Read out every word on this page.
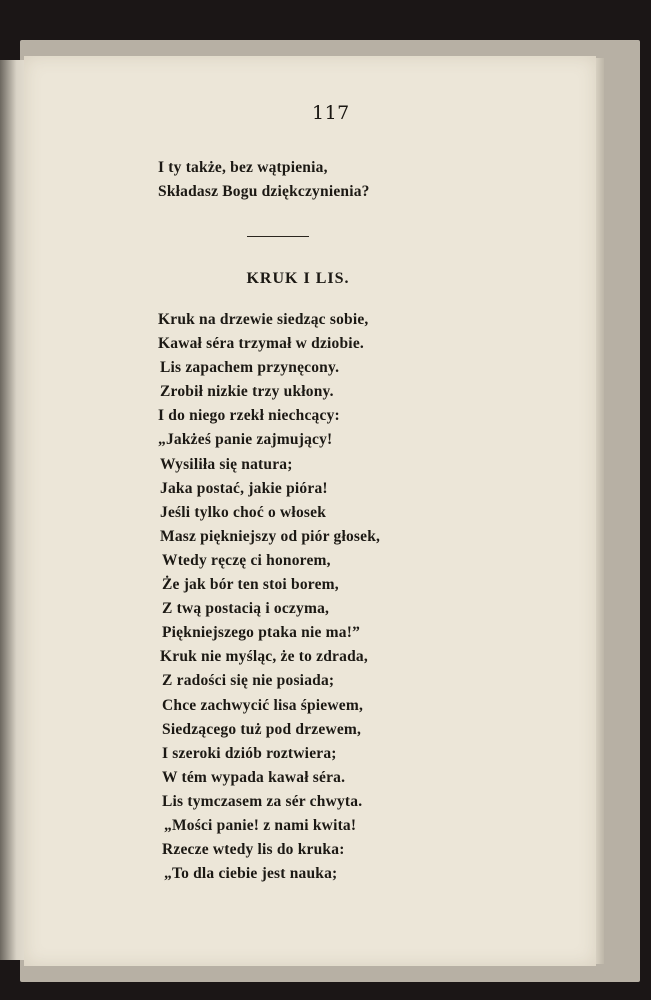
117
I ty także, bez wątpienia,
Składasz Bogu dziękczynienia?
KRUK I LIS.
Kruk na drzewie siedząc sobie,
Kawał séra trzymał w dziobie.
Lis zapachem przynęcony.
Zrobił nizkie trzy ukłony.
I do niego rzekł niechcący:
„Jakżeś panie zajmujący!
Wysiliła się natura;
Jaka postać, jakie pióra!
Jeśli tylko choć o włosek
Masz piękniejszy od piór głosek,
Wtedy ręczę ci honorem,
Że jak bór ten stoi borem,
Z twą postacią i oczyma,
Piękniejszego ptaka nie ma!”
Kruk nie myśląc, że to zdrada,
Z radości się nie posiada;
Chce zachwycić lisa śpiewem,
Siedzącego tuż pod drzewem,
I szeroki dziób roztwiera;
W tém wypada kawał séra.
Lis tymczasem za sér chwyta.
„Mości panie! z nami kwita!
Rzecze wtedy lis do kruka:
„To dla ciebie jest nauka;
